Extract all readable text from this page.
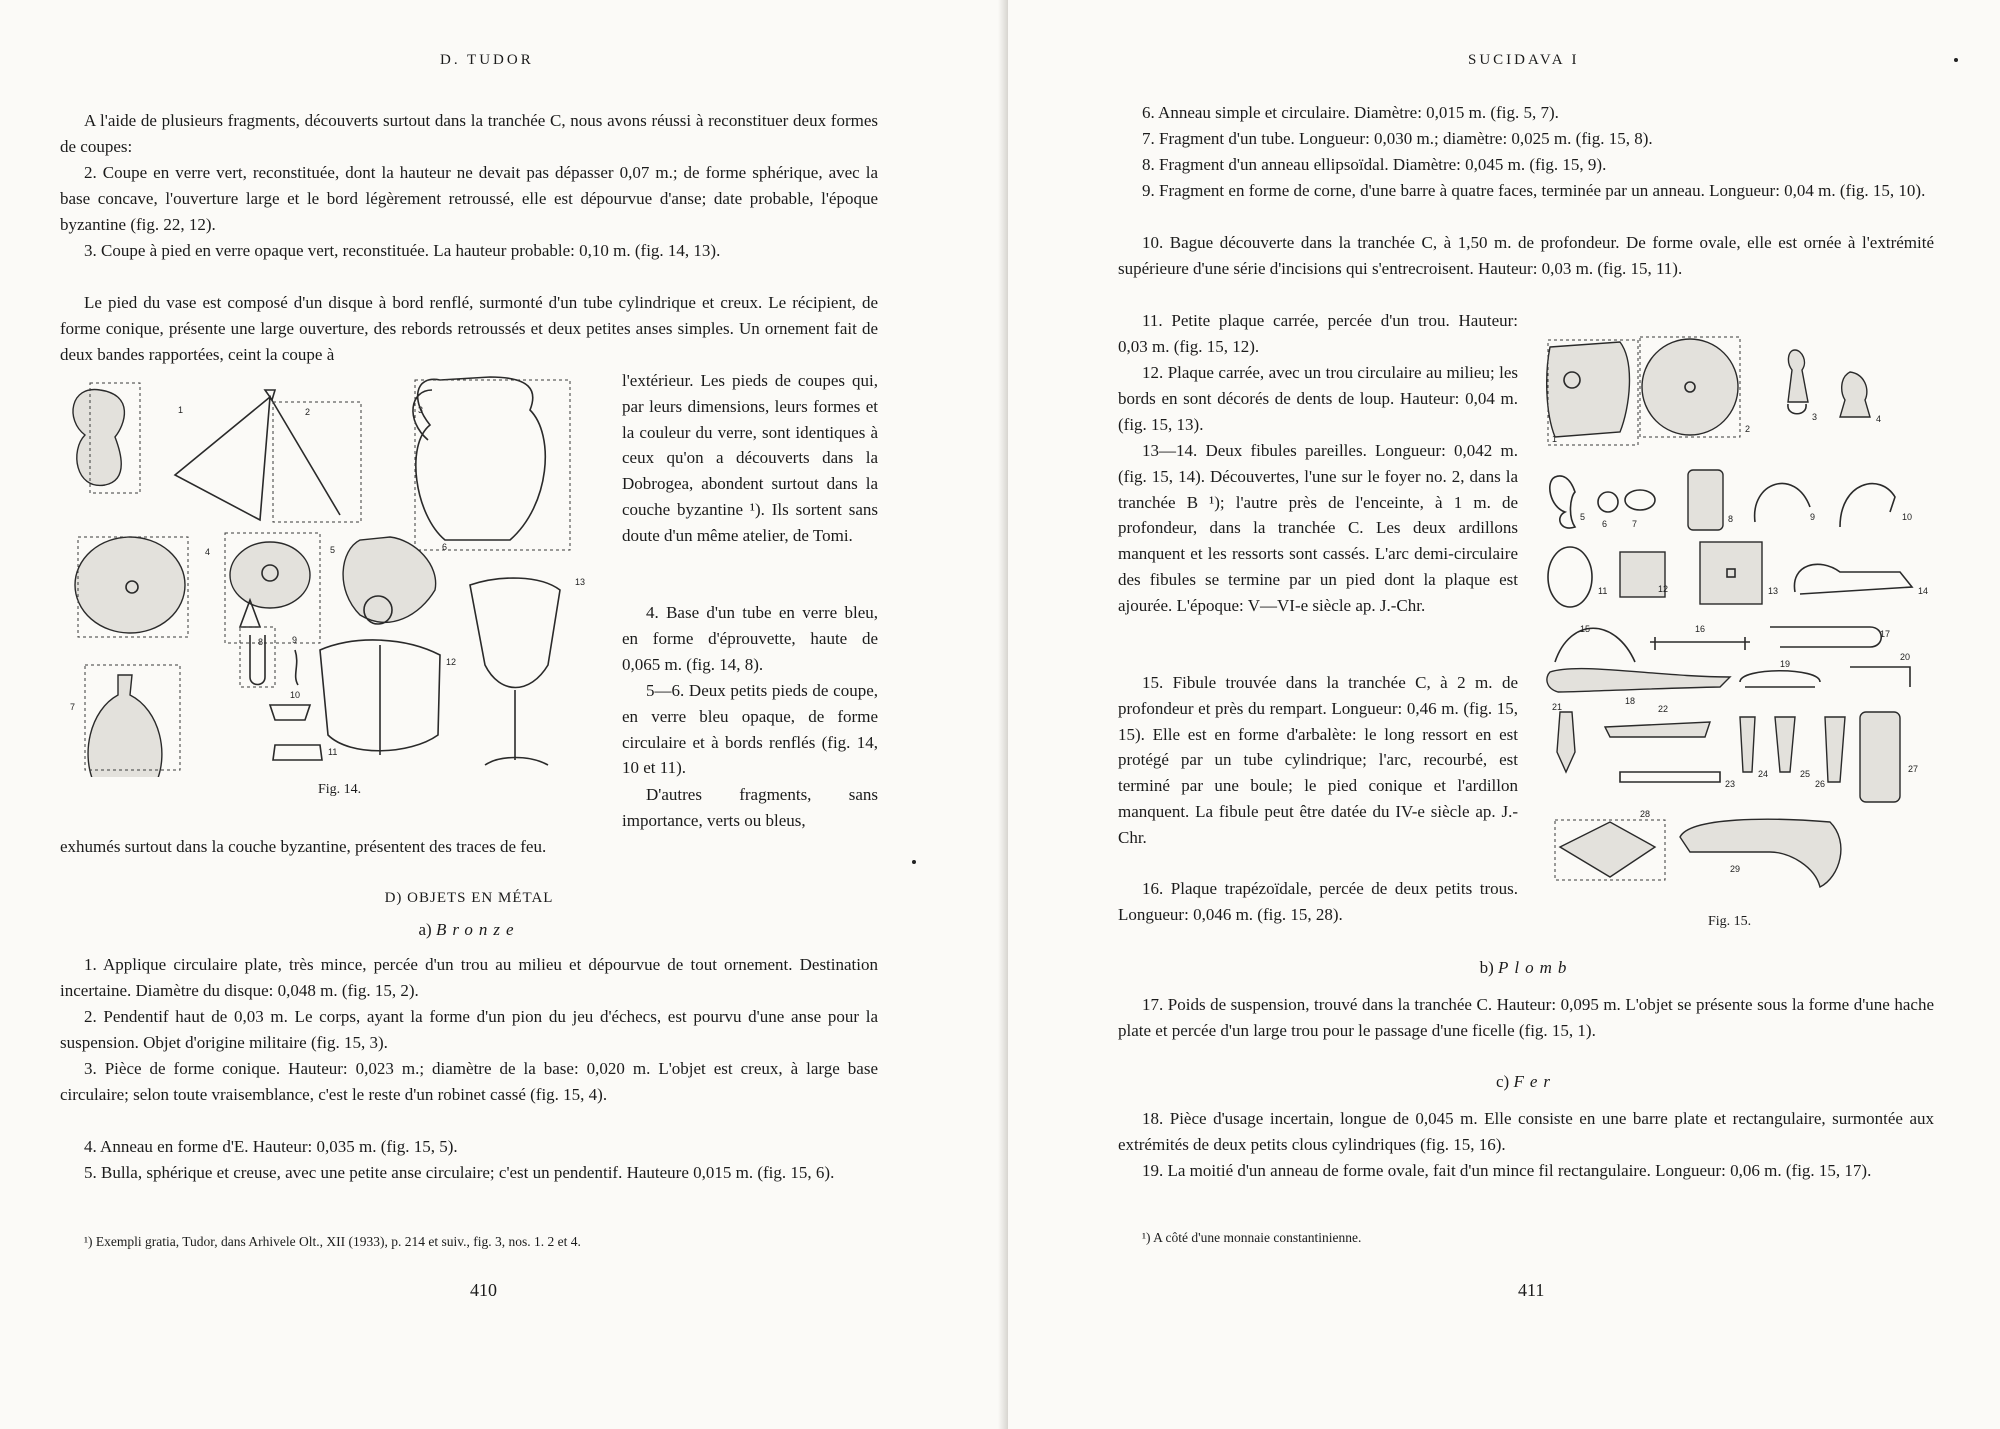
D. TUDOR

A l'aide de plusieurs fragments, découverts surtout dans la tranchée C, nous avons réussi à reconstituer deux formes de coupes:

2. Coupe en verre vert, reconstituée, dont la hauteur ne devait pas dépasser 0,07 m.; de forme sphérique, avec la base concave, l'ouverture large et le bord légèrement retroussé, elle est dépourvue d'anse; date probable, l'époque byzantine (fig. 22, 12).

3. Coupe à pied en verre opaque vert, reconstituée. La hauteur probable: 0,10 m. (fig. 14, 13).

Le pied du vase est composé d'un disque à bord renflé, surmonté d'un tube cylindrique et creux. Le récipient, de forme conique, présente une large ouverture, des rebords retroussés et deux petites anses simples. Un ornement fait de deux bandes rapportées, ceint la coupe à

1	2	3
4	5	6
7
8	9
10
11
12
13
Fig. 14.

l'extérieur. Les pieds de coupes qui, par leurs dimensions, leurs formes et la couleur du verre, sont identiques à ceux qu'on a découverts dans la Dobrogea, abondent surtout dans la couche byzantine ¹). Ils sortent sans doute d'un même atelier, de Tomi.

4. Base d'un tube en verre bleu, en forme d'éprouvette, haute de 0,065 m. (fig. 14, 8).

5—6. Deux petits pieds de coupe, en verre bleu opaque, de forme circulaire et à bords renflés (fig. 14, 10 et 11).

D'autres fragments, sans importance, verts ou bleus,

exhumés surtout dans la couche byzantine, présentent des traces de feu.

D) OBJETS EN MÉTAL
a) Bronze

1. Applique circulaire plate, très mince, percée d'un trou au milieu et dépourvue de tout ornement. Destination incertaine. Diamètre du disque: 0,048 m. (fig. 15, 2).

2. Pendentif haut de 0,03 m. Le corps, ayant la forme d'un pion du jeu d'échecs, est pourvu d'une anse pour la suspension. Objet d'origine militaire (fig. 15, 3).

3. Pièce de forme conique. Hauteur: 0,023 m.; diamètre de la base: 0,020 m. L'objet est creux, à large base circulaire; selon toute vraisemblance, c'est le reste d'un robinet cassé (fig. 15, 4).

4. Anneau en forme d'E. Hauteur: 0,035 m. (fig. 15, 5).

5. Bulla, sphérique et creuse, avec une petite anse circulaire; c'est un pendentif. Hauteure 0,015 m. (fig. 15, 6).

¹) Exempli gratia, Tudor, dans Arhivele Olt., XII (1933), p. 214 et suiv., fig. 3, nos. 1. 2 et 4.

410
SUCIDAVA I

6. Anneau simple et circulaire. Diamètre: 0,015 m. (fig. 5, 7).

7. Fragment d'un tube. Longueur: 0,030 m.; diamètre: 0,025 m. (fig. 15, 8).

8. Fragment d'un anneau ellipsoïdal. Diamètre: 0,045 m. (fig. 15, 9).

9. Fragment en forme de corne, d'une barre à quatre faces, terminée par un anneau. Longueur: 0,04 m. (fig. 15, 10).

10. Bague découverte dans la tranchée C, à 1,50 m. de profondeur. De forme ovale, elle est ornée à l'extrémité supérieure d'une série d'incisions qui s'entrecroisent. Hauteur: 0,03 m. (fig. 15, 11).

11. Petite plaque carrée, percée d'un trou. Hauteur: 0,03 m. (fig. 15, 12).

12. Plaque carrée, avec un trou circulaire au milieu; les bords en sont décorés de dents de loup. Hauteur: 0,04 m. (fig. 15, 13).

13—14. Deux fibules pareilles. Longueur: 0,042 m. (fig. 15, 14). Découvertes, l'une sur le foyer no. 2, dans la tranchée B ¹); l'autre près de l'enceinte, à 1 m. de profondeur, dans la tranchée C. Les deux ardillons manquent et les ressorts sont cassés. L'arc demi-circulaire des fibules se termine par un pied dont la plaque est ajourée. L'époque: V—VI-e siècle ap. J.-Chr.

15. Fibule trouvée dans la tranchée C, à 2 m. de profondeur et près du rempart. Longueur: 0,46 m. (fig. 15, 15). Elle est en forme d'arbalète: le long ressort en est protégé par un tube cylindrique; l'arc, recourbé, est terminé par une boule; le pied conique et l'ardillon manquent. La fibule peut être datée du IV-e siècle ap. J.-Chr.

16. Plaque trapézoïdale, percée de deux petits trous. Longueur: 0,046 m. (fig. 15, 28).

1
2
3	4
5
6	7	8	9	10
11	12	13	14
15	16	17
18
19
20
21	22
23
24	25
26
27
28
29
Fig. 15.
b) Plomb

17. Poids de suspension, trouvé dans la tranchée C. Hauteur: 0,095 m. L'objet se présente sous la forme d'une hache plate et percée d'un large trou pour le passage d'une ficelle (fig. 15, 1).

c) Fer

18. Pièce d'usage incertain, longue de 0,045 m. Elle consiste en une barre plate et rectangulaire, surmontée aux extrémités de deux petits clous cylindriques (fig. 15, 16).

19. La moitié d'un anneau de forme ovale, fait d'un mince fil rectangulaire. Longueur: 0,06 m. (fig. 15, 17).

¹) A côté d'une monnaie constantinienne.

411
